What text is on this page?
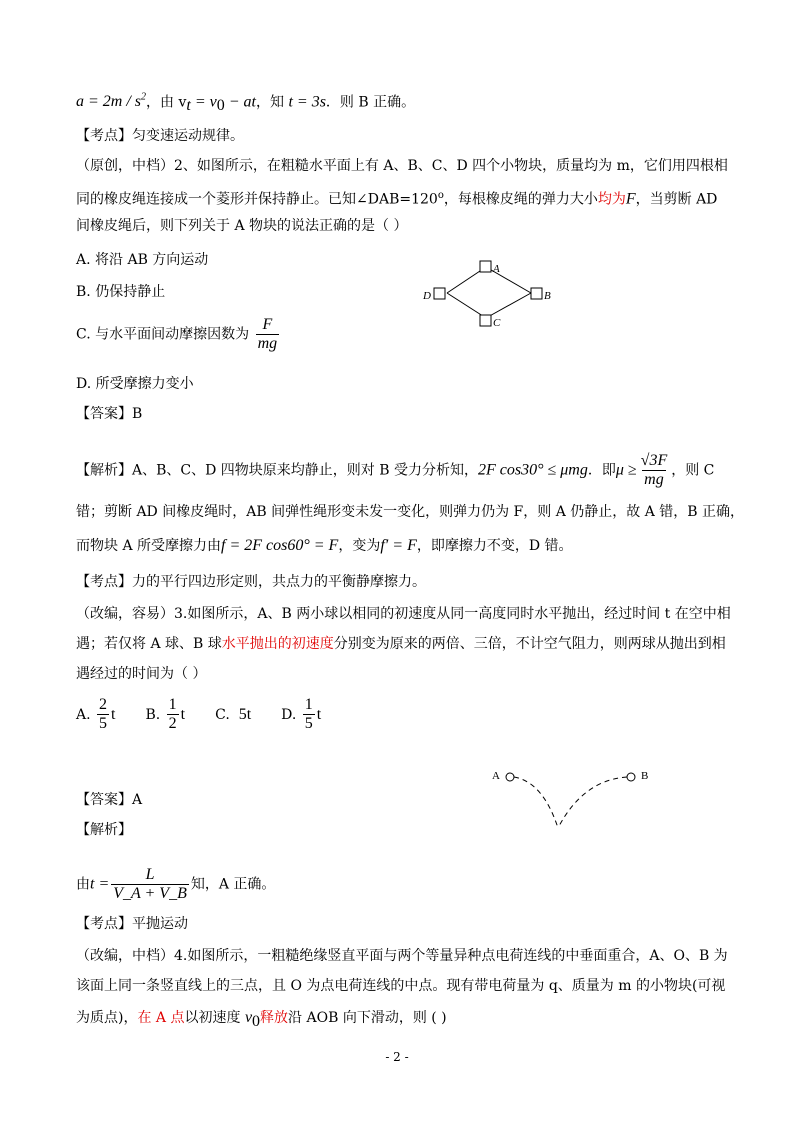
$a = 2m / s^2$，由 $v_t = v_0$ − at，知 t = 3s．则 B 正确。
【考点】匀变速运动规律。
（原创，中档）2、如图所示，在粗糙水平面上有 A、B、C、D 四个小物块，质量均为 m，它们用四根相
同的橡皮绳连接成一个菱形并保持静止。已知$\angle DAB=120^o$，每根橡皮绳的弹力大小均为F，当剪断 AD
间橡皮绳后，则下列关于 A 物块的说法正确的是（ ）
A. 将沿 AB 方向运动
B. 仍保持静止
C. 与水平面间动摩擦因数为 $\frac{F}{mg}$
D. 所受摩擦力变小
【答案】B
A
B
C
D
【解析】A、B、C、D 四物块原来均静止，则对 B 受力分析知，2F cos30° ≤ μmg．即$\mu \ge \frac{√3F}{mg}$ ，则 C
错；剪断 AD 间橡皮绳时，AB 间弹性绳形变未发一变化，则弹力仍为 F，则 A 仍静止，故 A 错，B 正确，
而物块 A 所受摩擦力由f = 2F cos60° = F，变为f′ = F，即摩擦力不变，D 错。
【考点】力的平行四边形定则，共点力的平衡静摩擦力。
（改编，容易）3.如图所示，A、B 两小球以相同的初速度从同一高度同时水平抛出，经过时间 t 在空中相
遇；若仅将 A 球、B 球水平抛出的初速度分别变为原来的两倍、三倍，不计空气阻力，则两球从抛出到相
遇经过的时间为（ ）
A.
$\frac{2}{5}$ t B.
$\frac{1}{2}$ t C.
5t D.
$\frac{1}{5}$ t
A	B
【答案】A
【解析】
由$t = \frac{L}{V\_A + V\_B}$ 知，A 正确。
【考点】平抛运动
（改编，中档）4.如图所示，一粗糙绝缘竖直平面与两个等量异种点电荷连线的中垂面重合，A、O、B 为
该面上同一条竖直线上的三点，且 O 为点电荷连线的中点。现有带电荷量为 q、质量为 m 的小物块(可视
为质点)，在 A 点以初速度 $v_0$释放沿 AOB 向下滑动，则 ( )
- 2 -
